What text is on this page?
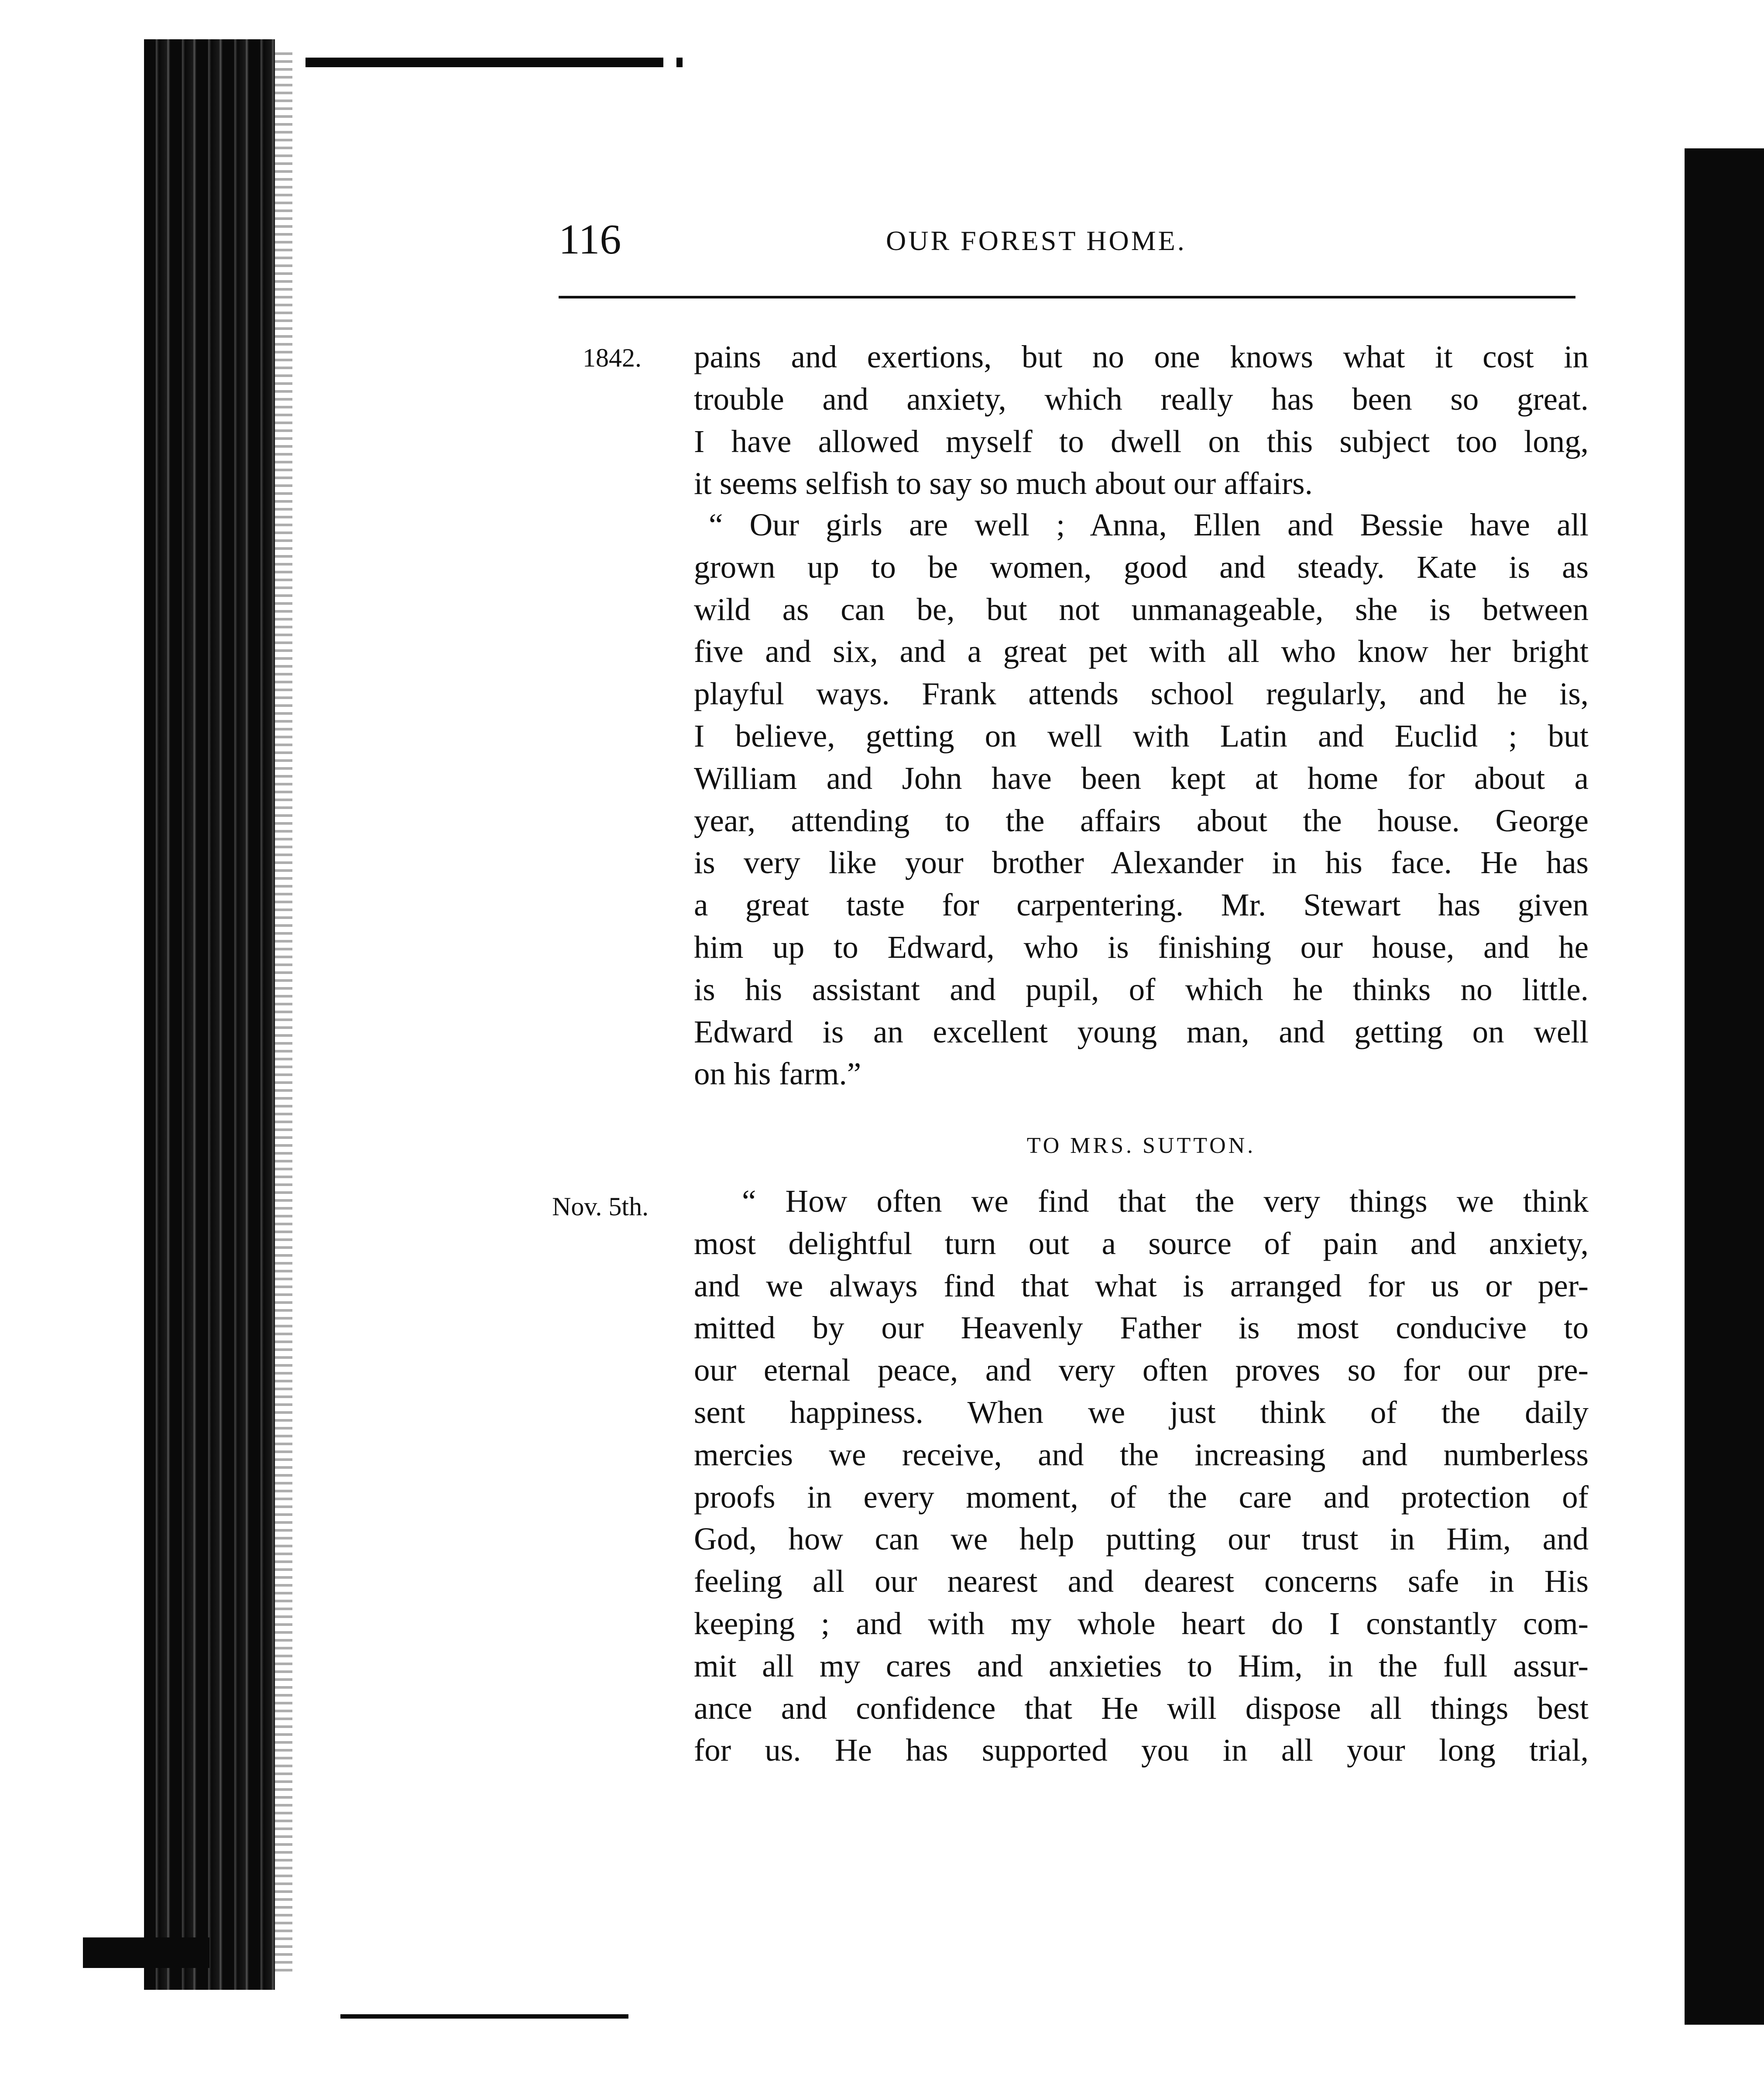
116	OUR FOREST HOME.
1842.
Nov. 5th.
pains and exertions, but no one knows what it cost in
trouble and anxiety, which really has been so great.
I have allowed myself to dwell on this subject too long,
it seems selfish to say so much about our affairs.
“ Our girls are well ; Anna, Ellen and Bessie have all
grown up to be women, good and steady. Kate is as
wild as can be, but not unmanageable, she is between
five and six, and a great pet with all who know her bright
playful ways. Frank attends school regularly, and he is,
I believe, getting on well with Latin and Euclid ; but
William and John have been kept at home for about a
year, attending to the affairs about the house. George
is very like your brother Alexander in his face. He has
a great taste for carpentering. Mr. Stewart has given
him up to Edward, who is finishing our house, and he
is his assistant and pupil, of which he thinks no little.
Edward is an excellent young man, and getting on well
on his farm.”
TO MRS. SUTTON.
“ How often we find that the very things we think
most delightful turn out a source of pain and anxiety,
and we always find that what is arranged for us or per-
mitted by our Heavenly Father is most conducive to
our eternal peace, and very often proves so for our pre-
sent happiness. When we just think of the daily
mercies we receive, and the increasing and numberless
proofs in every moment, of the care and protection of
God, how can we help putting our trust in Him, and
feeling all our nearest and dearest concerns safe in His
keeping ; and with my whole heart do I constantly com-
mit all my cares and anxieties to Him, in the full assur-
ance and confidence that He will dispose all things best
for us. He has supported you in all your long trial,
